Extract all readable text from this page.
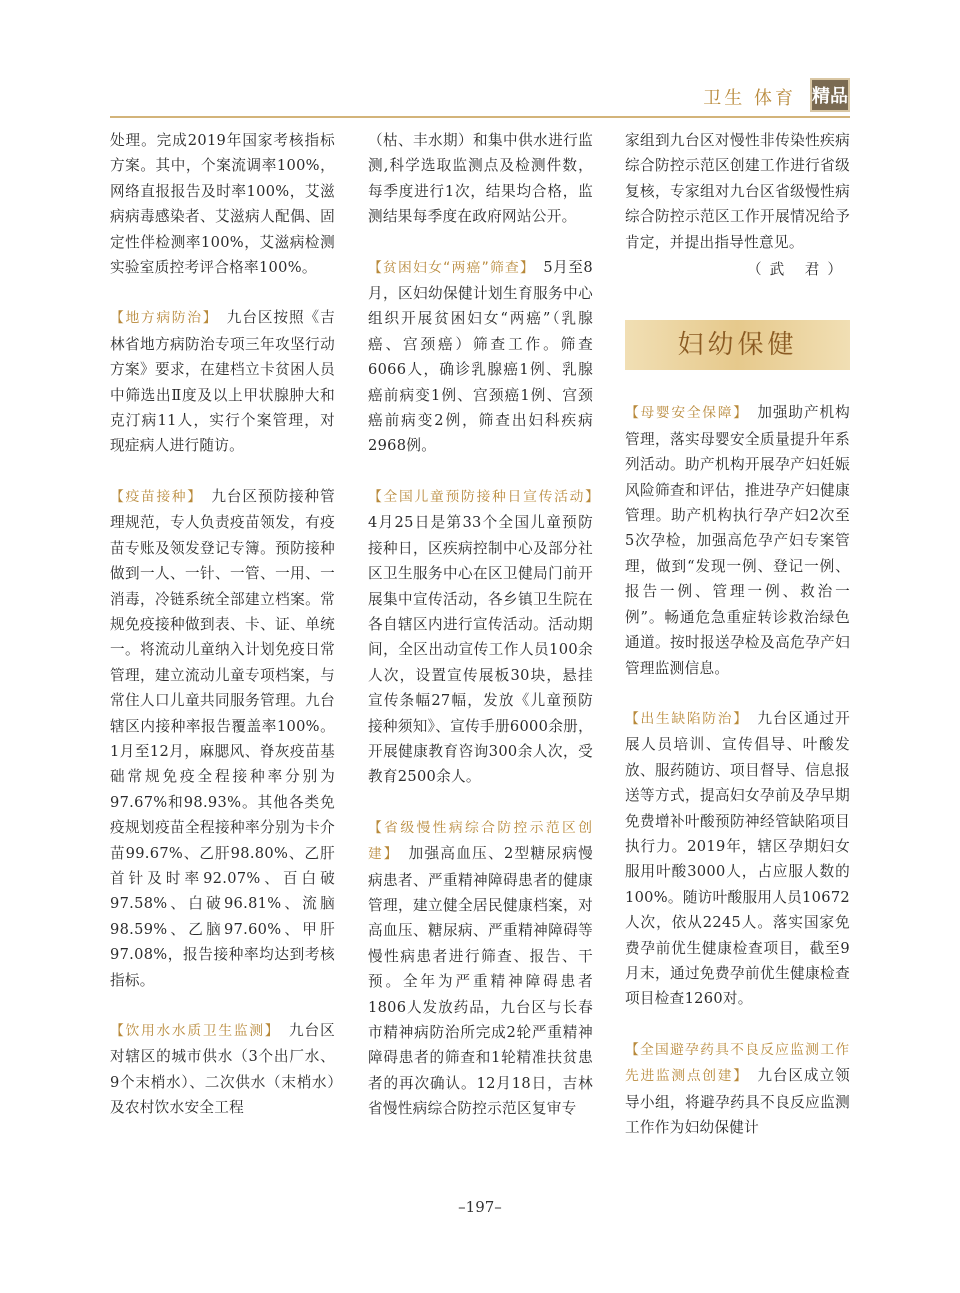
卫生 体育 精品

处理。完成2019年国家考核指标方案。其中，个案流调率100%，网络直报报告及时率100%，艾滋病病毒感染者、艾滋病人配偶、固定性伴检测率100%，艾滋病检测实验室质控考评合格率100%。

【地方病防治】　 九台区按照《吉林省地方病防治专项三年攻坚行动方案》要求，在建档立卡贫困人员中筛选出Ⅱ度及以上甲状腺肿大和克汀病11人，实行个案管理，对现症病人进行随访。

【疫苗接种】　 九台区预防接种管理规范，专人负责疫苗领发，有疫苗专账及领发登记专簿。预防接种做到一人、一针、一管、一用、一消毒，冷链系统全部建立档案。常规免疫接种做到表、卡、证、单统一。将流动儿童纳入计划免疫日常管理，建立流动儿童专项档案，与常住人口儿童共同服务管理。九台辖区内接种率报告覆盖率100%。1月至12月，麻腮风、脊灰疫苗基础常规免疫全程接种率分别为97.67%和98.93%。其他各类免疫规划疫苗全程接种率分别为卡介苗99.67%、乙肝98.80%、乙肝首针及时率92.07%、百白破97.58%、白破96.81%、流脑98.59%、乙脑97.60%、甲肝97.08%，报告接种率均达到考核指标。

【饮用水水质卫生监测】　 九台区对辖区的城市供水（3个出厂水、9个末梢水）、二次供水（末梢水）及农村饮水安全工程

（枯、丰水期）和集中供水进行监测,科学选取监测点及检测件数，每季度进行1次，结果均合格，监测结果每季度在政府网站公开。

【贫困妇女“两癌”筛查】　 5月至8月，区妇幼保健计划生育服务中心组织开展贫困妇女“两癌”（乳腺癌、宫颈癌）筛查工作。筛查6066人，确诊乳腺癌1例、乳腺癌前病变1例、宫颈癌1例、宫颈癌前病变2例，筛查出妇科疾病2968例。

【全国儿童预防接种日宣传活动】　4月25日是第33个全国儿童预防接种日，区疾病控制中心及部分社区卫生服务中心在区卫健局门前开展集中宣传活动，各乡镇卫生院在各自辖区内进行宣传活动。活动期间，全区出动宣传工作人员100余人次，设置宣传展板30块，悬挂宣传条幅27幅，发放《儿童预防接种须知》、宣传手册6000余册，开展健康教育咨询300余人次，受教育2500余人。

【省级慢性病综合防控示范区创建】　 加强高血压、2型糖尿病慢病患者、严重精神障碍患者的健康管理，建立健全居民健康档案，对高血压、糖尿病、严重精神障碍等慢性病患者进行筛查、报告、干预。全年为严重精神障碍患者1806人发放药品，九台区与长春市精神病防治所完成2轮严重精神障碍患者的筛查和1轮精准扶贫患者的再次确认。12月18日，吉林省慢性病综合防控示范区复审专

家组到九台区对慢性非传染性疾病综合防控示范区创建工作进行省级复核，专家组对九台区省级慢性病综合防控示范区工作开展情况给予肯定，并提出指导性意见。

（武 君）
妇幼保健

【母婴安全保障】　 加强助产机构管理，落实母婴安全质量提升年系列活动。助产机构开展孕产妇妊娠风险筛查和评估，推进孕产妇健康管理。助产机构执行孕产妇2次至5次孕检，加强高危孕产妇专案管理，做到“发现一例、登记一例、报告一例、管理一例、救治一例”。畅通危急重症转诊救治绿色通道。按时报送孕检及高危孕产妇管理监测信息。

【出生缺陷防治】　 九台区通过开展人员培训、宣传倡导、叶酸发放、服药随访、项目督导、信息报送等方式，提高妇女孕前及孕早期免费增补叶酸预防神经管缺陷项目执行力。2019年，辖区孕期妇女服用叶酸3000人，占应服人数的100%。随访叶酸服用人员10672人次，依从2245人。落实国家免费孕前优生健康检查项目，截至9月末，通过免费孕前优生健康检查项目检查1260对。

【全国避孕药具不良反应监测工作先进监测点创建】　 九台区成立领导小组，将避孕药具不良反应监测工作作为妇幼保健计

–197–
